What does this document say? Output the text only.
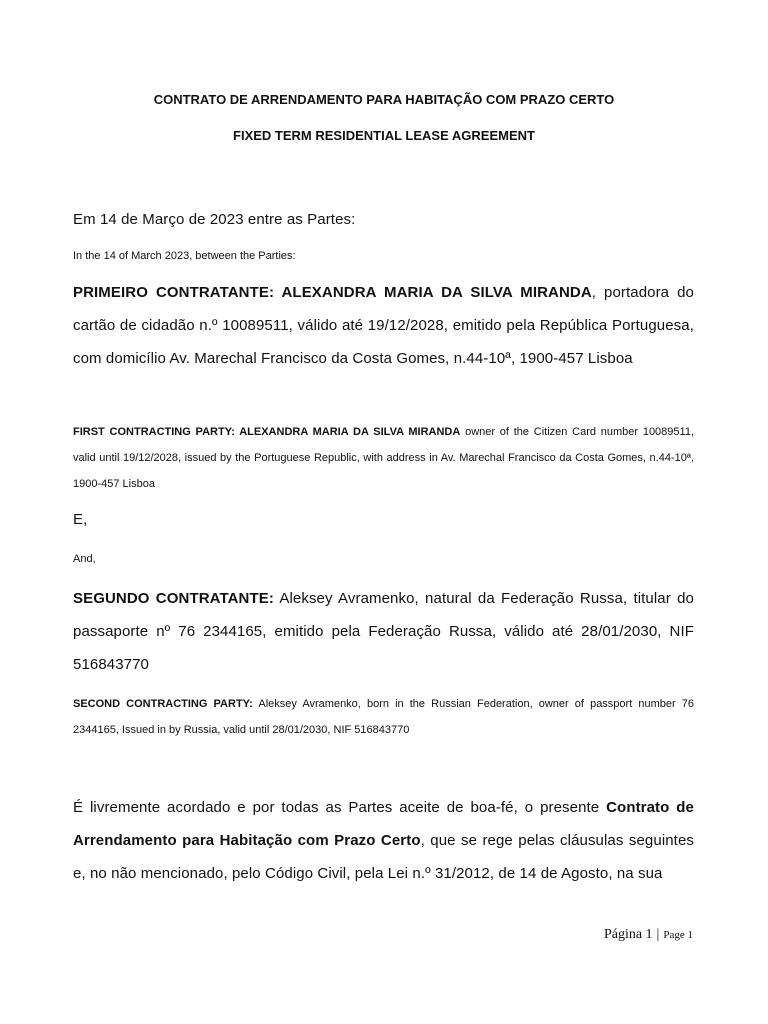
CONTRATO DE ARRENDAMENTO PARA HABITAÇÃO COM PRAZO CERTO

FIXED TERM RESIDENTIAL LEASE AGREEMENT

Em 14 de Março de 2023 entre as Partes:

In the 14 of March 2023, between the Parties:

PRIMEIRO CONTRATANTE: ALEXANDRA MARIA DA SILVA MIRANDA, portadora do cartão de cidadão n.º 10089511, válido até 19/12/2028, emitido pela República Portuguesa, com domicílio Av. Marechal Francisco da Costa Gomes, n.44-10ª, 1900-457 Lisboa

FIRST CONTRACTING PARTY: ALEXANDRA MARIA DA SILVA MIRANDA owner of the Citizen Card number 10089511, valid until 19/12/2028, issued by the Portuguese Republic, with address in Av. Marechal Francisco da Costa Gomes, n.44-10ª, 1900-457 Lisboa

E,

And,

SEGUNDO CONTRATANTE: Aleksey Avramenko, natural da Federação Russa, titular do passaporte nº 76 2344165, emitido pela Federação Russa, válido até 28/01/2030, NIF 516843770

SECOND CONTRACTING PARTY: Aleksey Avramenko, born in the Russian Federation, owner of passport number 76 2344165, Issued in by Russia, valid until 28/01/2030, NIF 516843770

É livremente acordado e por todas as Partes aceite de boa-fé, o presente Contrato de Arrendamento para Habitação com Prazo Certo, que se rege pelas cláusulas seguintes e, no não mencionado, pelo Código Civil, pela Lei n.º 31/2012, de 14 de Agosto, na sua

Página 1 | Page 1
